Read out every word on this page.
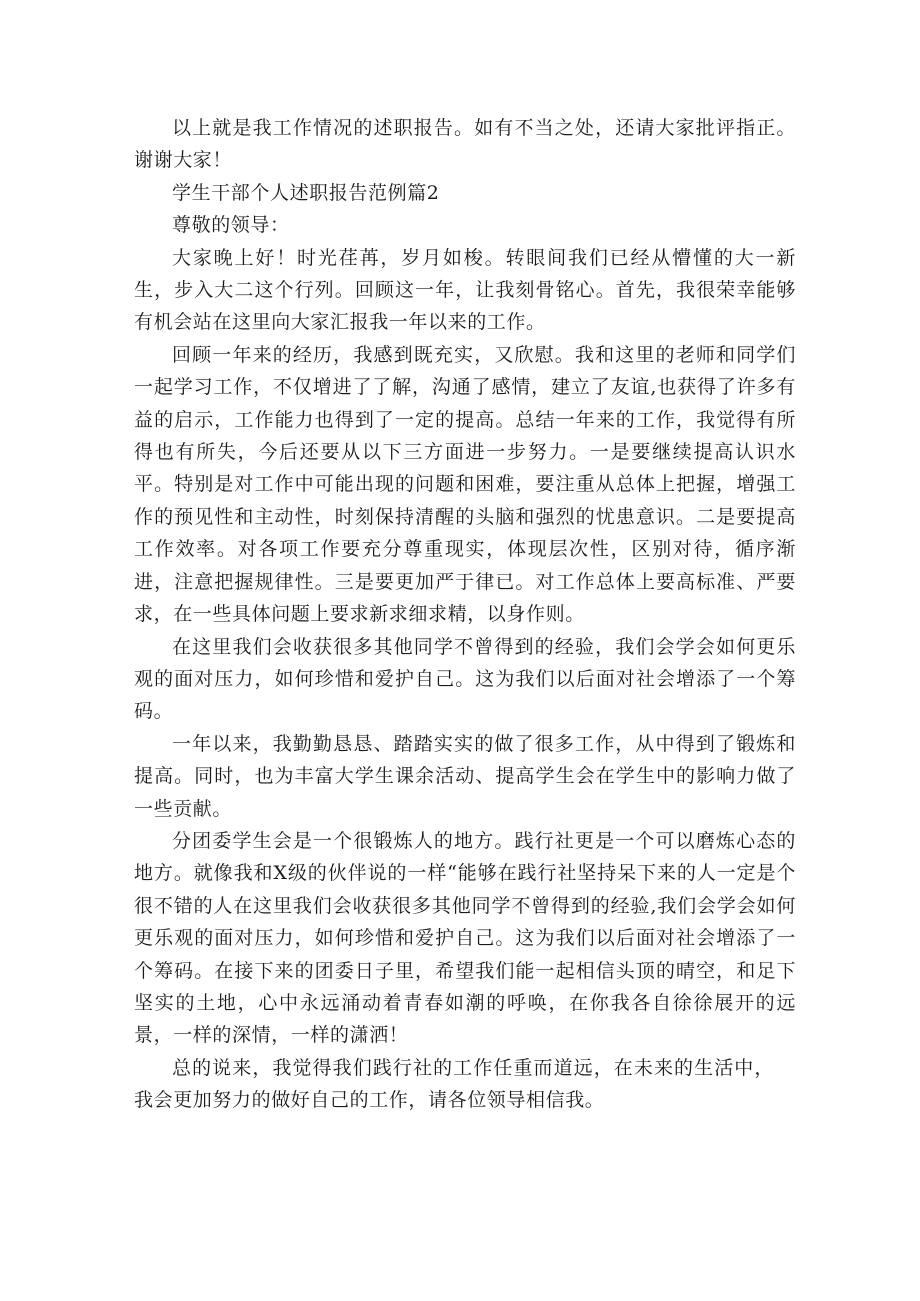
以上就是我工作情况的述职报告。如有不当之处，还请大家批评指正。谢谢大家！

学生干部个人述职报告范例篇2

尊敬的领导：

大家晚上好！时光荏苒，岁月如梭。转眼间我们已经从懵懂的大一新生，步入大二这个行列。回顾这一年，让我刻骨铭心。首先，我很荣幸能够有机会站在这里向大家汇报我一年以来的工作。

回顾一年来的经历，我感到既充实，又欣慰。我和这里的老师和同学们一起学习工作，不仅增进了了解，沟通了感情，建立了友谊,也获得了许多有益的启示，工作能力也得到了一定的提高。总结一年来的工作，我觉得有所得也有所失，今后还要从以下三方面进一步努力。一是要继续提高认识水平。特别是对工作中可能出现的问题和困难，要注重从总体上把握，增强工作的预见性和主动性，时刻保持清醒的头脑和强烈的忧患意识。二是要提高工作效率。对各项工作要充分尊重现实，体现层次性，区别对待，循序渐进，注意把握规律性。三是要更加严于律已。对工作总体上要高标准、严要求，在一些具体问题上要求新求细求精，以身作则。

在这里我们会收获很多其他同学不曾得到的经验，我们会学会如何更乐观的面对压力，如何珍惜和爱护自己。这为我们以后面对社会增添了一个筹码。

一年以来，我勤勤恳恳、踏踏实实的做了很多工作，从中得到了锻炼和提高。同时，也为丰富大学生课余活动、提高学生会在学生中的影响力做了一些贡献。

分团委学生会是一个很锻炼人的地方。践行社更是一个可以磨炼心态的地方。就像我和X级的伙伴说的一样“能够在践行社坚持呆下来的人一定是个很不错的人在这里我们会收获很多其他同学不曾得到的经验,我们会学会如何更乐观的面对压力，如何珍惜和爱护自己。这为我们以后面对社会增添了一个筹码。在接下来的团委日子里，希望我们能一起相信头顶的晴空，和足下坚实的土地，心中永远涌动着青春如潮的呼唤，在你我各自徐徐展开的远景，一样的深情，一样的潇洒！

总的说来，我觉得我们践行社的工作任重而道远，在未来的生活中，我会更加努力的做好自己的工作，请各位领导相信我。
